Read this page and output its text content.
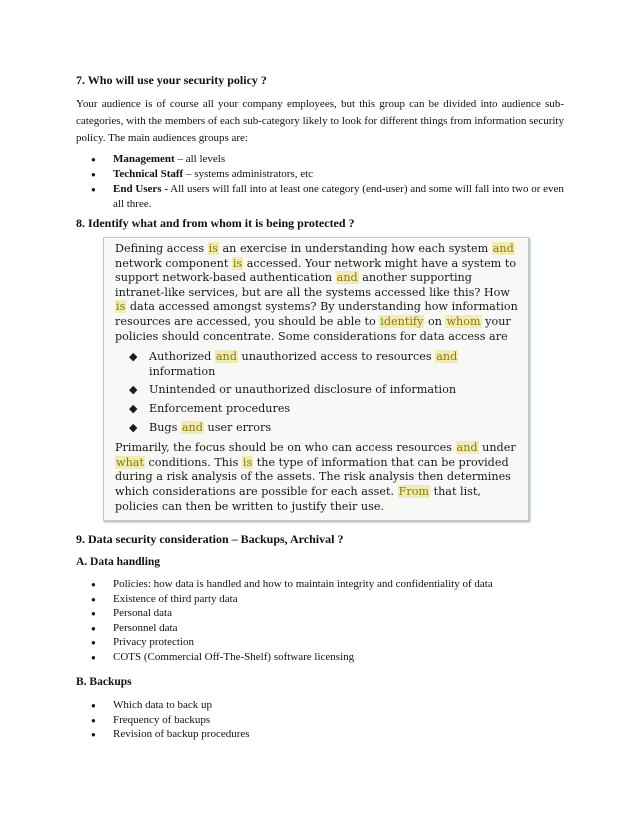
7. Who will use your security policy ?

Your audience is of course all your company employees, but this group can be divided into audience sub-categories, with the members of each sub-category likely to look for different things from information security policy. The main audiences groups are:

● Management – all levels
● Technical Staff – systems administrators, etc
● End Users - All users will fall into at least one category (end-user) and some will fall into two or even all three.

8. Identify what and from whom it is being protected ?

Defining access is an exercise in understanding how each system and network component is accessed. Your network might have a system to support network-based authentication and another supporting intranet-like services, but are all the systems accessed like this? How is data accessed amongst systems? By understanding how information resources are accessed, you should be able to identify on whom your policies should concentrate. Some considerations for data access are

◆ Authorized and unauthorized access to resources and information
◆ Unintended or unauthorized disclosure of information
◆ Enforcement procedures
◆ Bugs and user errors

Primarily, the focus should be on who can access resources and under what conditions. This is the type of information that can be provided during a risk analysis of the assets. The risk analysis then determines which considerations are possible for each asset. From that list, policies can then be written to justify their use.

9. Data security consideration – Backups, Archival ?

A. Data handling

● Policies: how data is handled and how to maintain integrity and confidentiality of data
● Existence of third party data
● Personal data
● Personnel data
● Privacy protection
● COTS (Commercial Off-The-Shelf) software licensing

B. Backups

● Which data to back up
● Frequency of backups
● Revision of backup procedures
